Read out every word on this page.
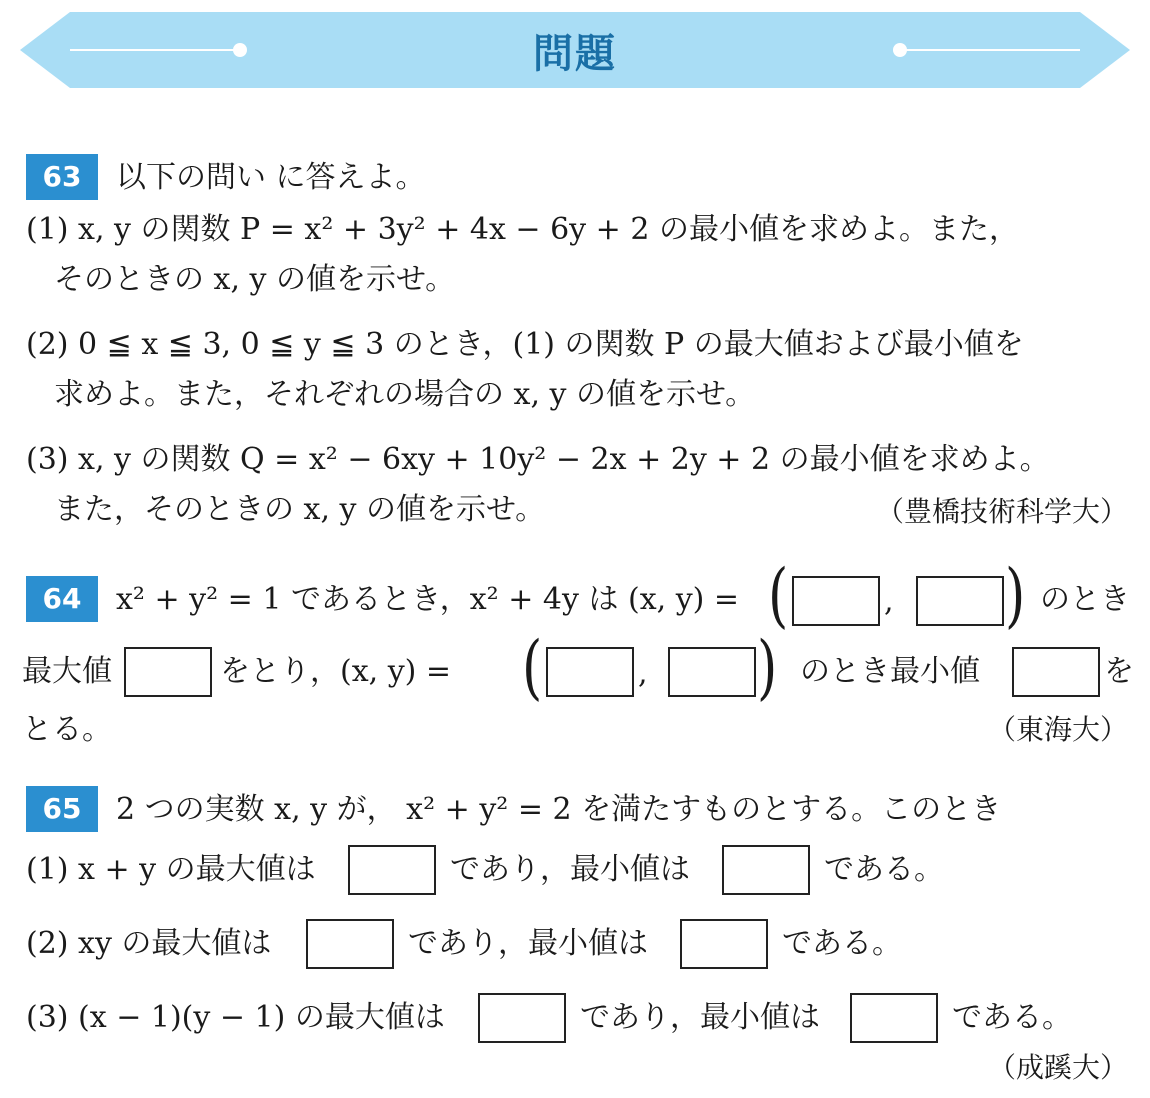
問題
63	以下の問い に答えよ。
(1) x, y の関数 P = x² + 3y² + 4x − 6y + 2 の最小値を求めよ。また，
そのときの x, y の値を示せ。
(2) 0 ≦ x ≦ 3, 0 ≦ y ≦ 3 のとき，(1) の関数 P の最大値および最小値を
求めよ。また，それぞれの場合の x, y の値を示せ。
(3) x, y の関数 Q = x² − 6xy + 10y² − 2x + 2y + 2 の最小値を求めよ。
また，そのときの x, y の値を示せ。	（豊橋技術科学大）
64	x² + y² = 1 であるとき，x² + 4y は (x, y) = (	, ) のとき
最大値	をとり，(x, y) = (	, ) のとき最小値	を
とる。	（東海大）
65	2 つの実数 x, y が， x² + y² = 2 を満たすものとする。このとき
(1) x + y の最大値は	であり，最小値は	である。
(2) xy の最大値は	であり，最小値は	である。
(3) (x − 1)(y − 1) の最大値は	であり，最小値は	である。
（成蹊大）
